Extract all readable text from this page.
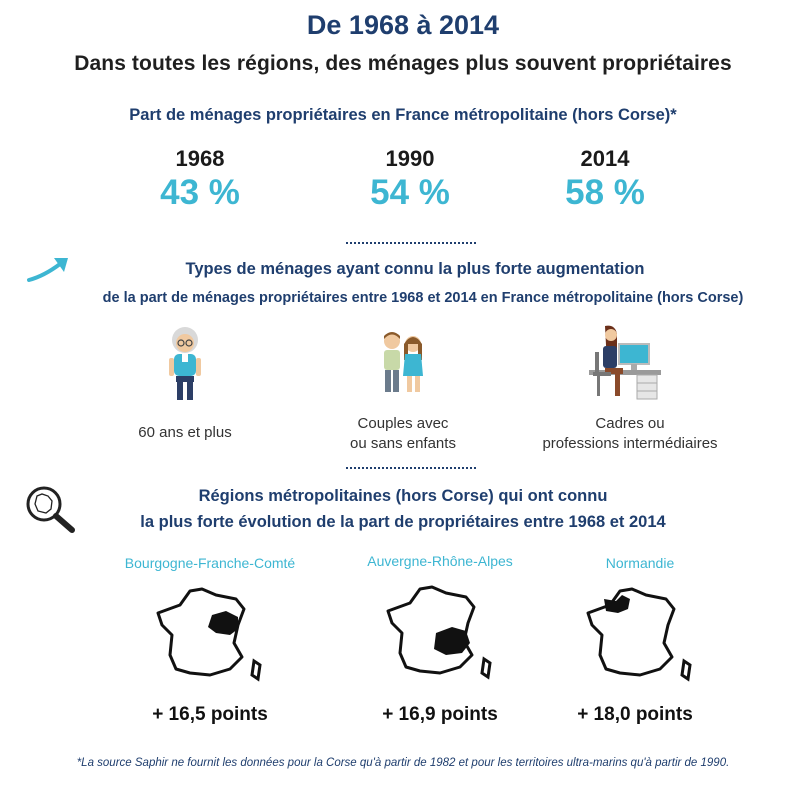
De 1968 à 2014
Dans toutes les régions, des ménages plus souvent propriétaires
Part de ménages propriétaires en France métropolitaine (hors Corse)*
1968
43 %
1990
54 %
2014
58 %
Types de ménages ayant connu la plus forte augmentation
de la part de ménages propriétaires entre 1968 et 2014 en France métropolitaine (hors Corse)
60 ans et plus
Couples avec
ou sans enfants
Cadres ou
professions intermédiaires
Régions métropolitaines (hors Corse) qui ont connu
la plus forte évolution de la part de propriétaires entre 1968 et 2014
Bourgogne-Franche-Comté
+ 16,5 points
Auvergne-Rhône-Alpes
+ 16,9 points
Normandie
+ 18,0 points
*La source Saphir ne fournit les données pour la Corse qu'à partir de 1982 et pour les territoires ultra-marins qu'à partir de 1990.
